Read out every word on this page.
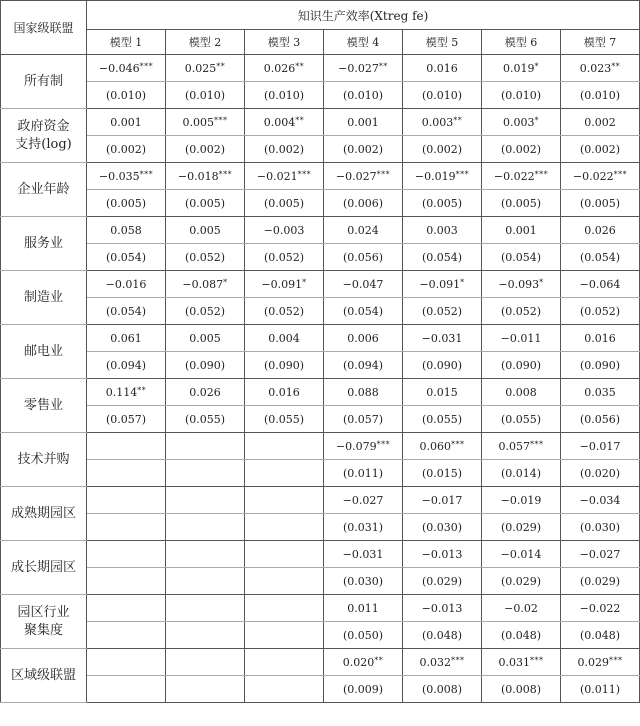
国家级联盟	知识生产效率(Xtreg fe)						
	模型 1	模型 2	模型 3	模型 4	模型 5	模型 6	模型 7

所有制	−0.046***	0.025**	0.026**	−0.027**	0.016	0.019*	0.023**
	(0.010)	(0.010)	(0.010)	(0.010)	(0.010)	(0.010)	(0.010)

政府资金
支持(log)	0.001	0.005***	0.004**	0.001	0.003**	0.003*	0.002
	(0.002)	(0.002)	(0.002)	(0.002)	(0.002)	(0.002)	(0.002)

企业年龄	−0.035***	−0.018***	−0.021***	−0.027***	−0.019***	−0.022***	−0.022***
	(0.005)	(0.005)	(0.005)	(0.006)	(0.005)	(0.005)	(0.005)

服务业	0.058	0.005	−0.003	0.024	0.003	0.001	0.026
	(0.054)	(0.052)	(0.052)	(0.056)	(0.054)	(0.054)	(0.054)

制造业	−0.016	−0.087*	−0.091*	−0.047	−0.091*	−0.093*	−0.064
	(0.054)	(0.052)	(0.052)	(0.054)	(0.052)	(0.052)	(0.052)

邮电业	0.061	0.005	0.004	0.006	−0.031	−0.011	0.016
	(0.094)	(0.090)	(0.090)	(0.094)	(0.090)	(0.090)	(0.090)

零售业	0.114**	0.026	0.016	0.088	0.015	0.008	0.035
	(0.057)	(0.055)	(0.055)	(0.057)	(0.055)	(0.055)	(0.056)

技术并购				−0.079***	0.060***	0.057***	−0.017
				(0.011)	(0.015)	(0.014)	(0.020)

成熟期园区				−0.027	−0.017	−0.019	−0.034
				(0.031)	(0.030)	(0.029)	(0.030)

成长期园区				−0.031	−0.013	−0.014	−0.027
				(0.030)	(0.029)	(0.029)	(0.029)

园区行业
聚集度				0.011	−0.013	−0.02	−0.022
				(0.050)	(0.048)	(0.048)	(0.048)

区域级联盟				0.020**	0.032***	0.031***	0.029***
				(0.009)	(0.008)	(0.008)	(0.011)
